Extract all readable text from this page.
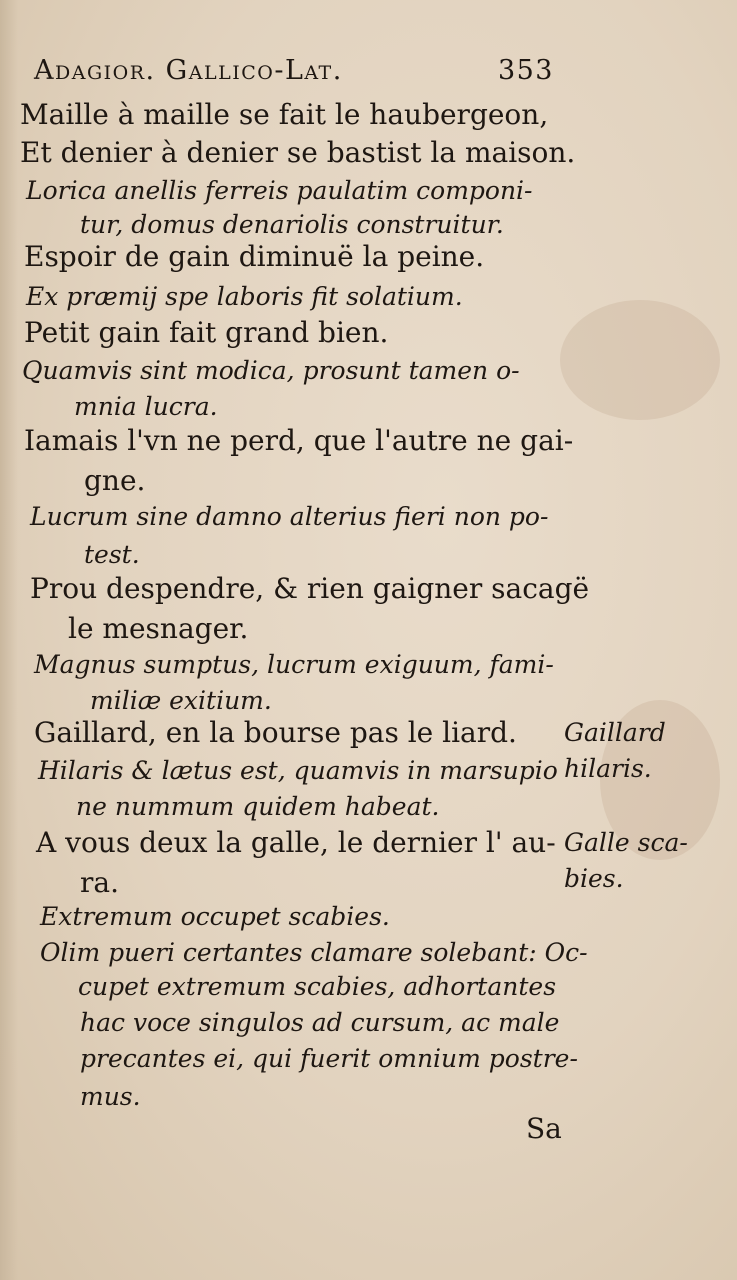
Adagior. Gallico-Lat.	353
Maille à maille se fait le haubergeon,
Et denier à denier se bastist la maison.
Lorica anellis ferreis paulatim componi-
tur, domus denariolis construitur.
Espoir de gain diminuë la peine.
Ex præmij spe laboris fit solatium.
Petit gain fait grand bien.
Quamvis sint modica, prosunt tamen o-
mnia lucra.
Iamais l'vn ne perd, que l'autre ne gai-
gne.
Lucrum sine damno alterius fieri non po-
test.
Prou despendre, & rien gaigner sacagë
le mesnager.
Magnus sumptus, lucrum exiguum, fami-
miliæ exitium.
Gaillard, en la bourse pas le liard.
Hilaris & lætus est, quamvis in marsupio
ne nummum quidem habeat.
A vous deux la galle, le dernier l' au-
ra.
Extremum occupet scabies.
Olim pueri certantes clamare solebant: Oc-
cupet extremum scabies, adhortantes
hac voce singulos ad cursum, ac male
precantes ei, qui fuerit omnium postre-
mus.
Gaillard
hilaris.
Galle sca-
bies.
Sa
